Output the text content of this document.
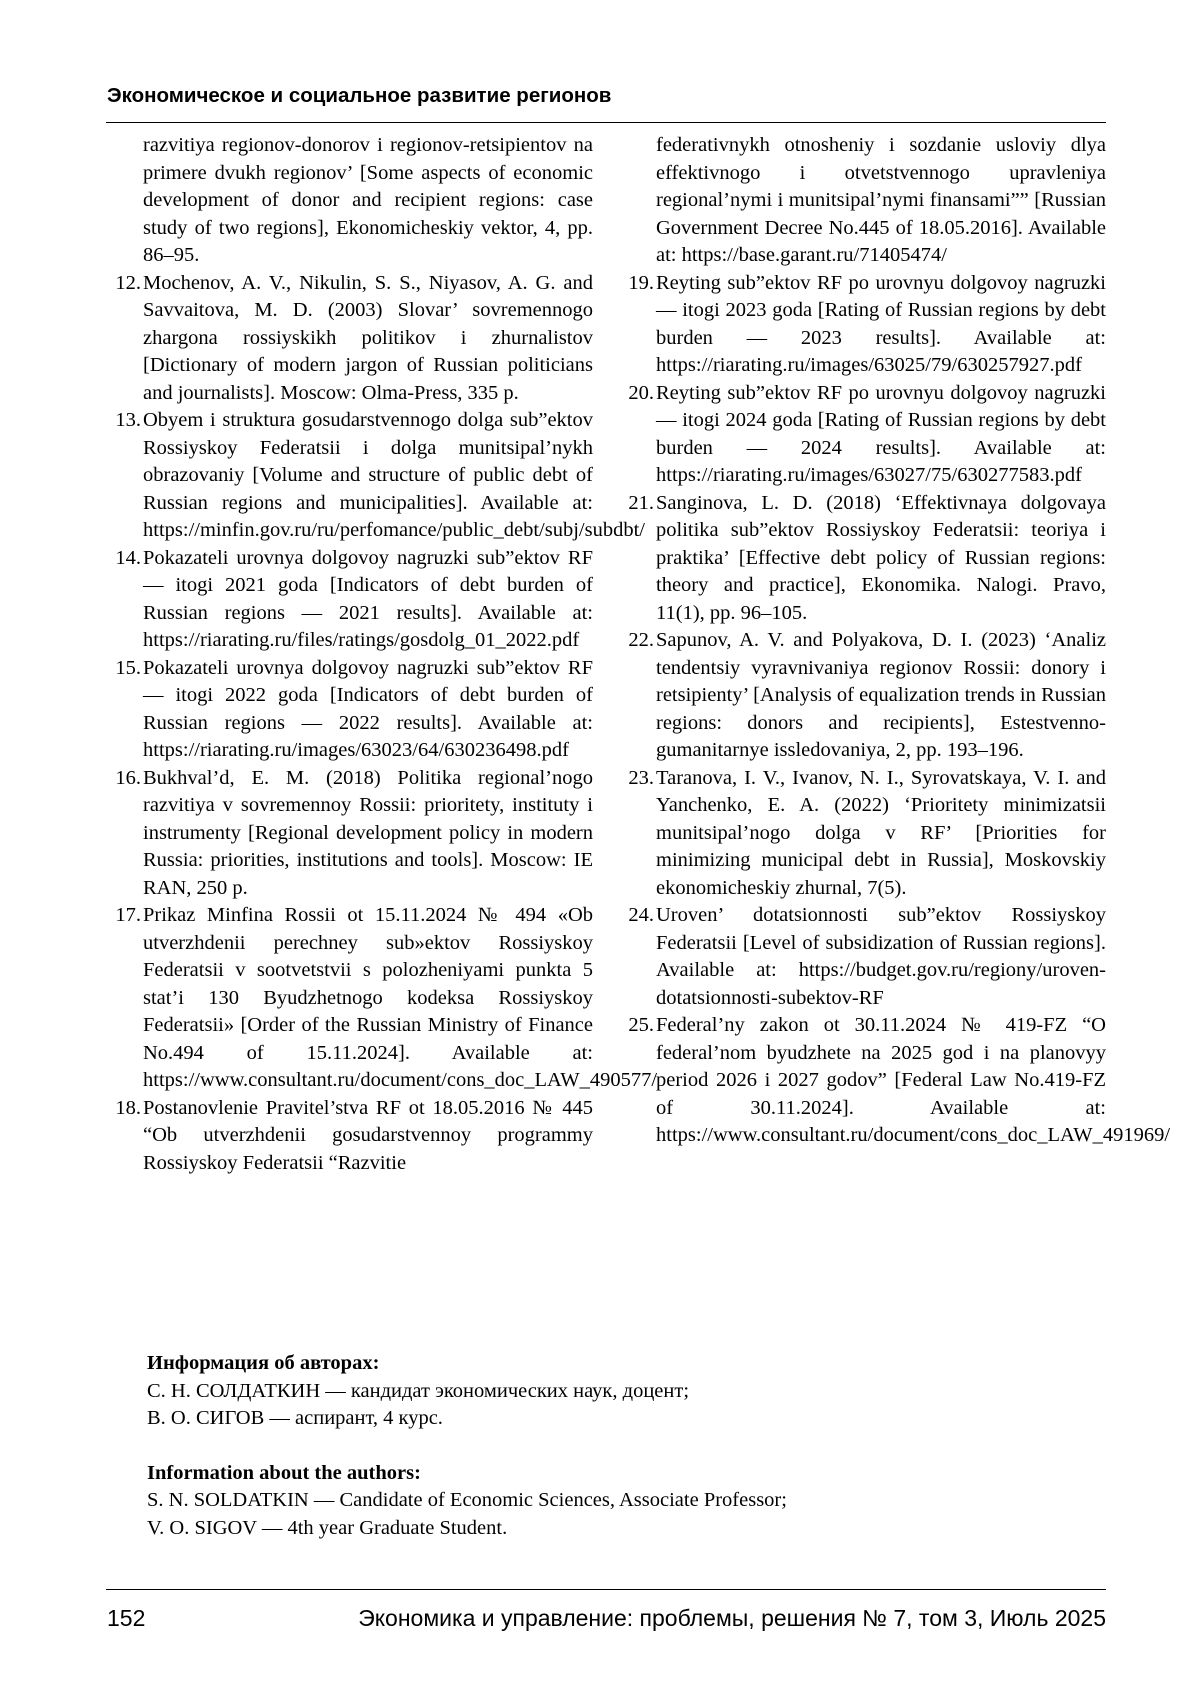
Экономическое и социальное развитие регионов
razvitiya regionov-donorov i regionov-retsipientov na primere dvukh regionov’ [Some aspects of economic development of donor and recipient regions: case study of two regions], Ekonomicheskiy vektor, 4, pp. 86–95.
12. Mochenov, A. V., Nikulin, S. S., Niyasov, A. G. and Savvaitova, M. D. (2003) Slovar’ sovremennogo zhargona rossiyskikh politikov i zhurnalistov [Dictionary of modern jargon of Russian politicians and journalists]. Moscow: Olma-Press, 335 p.
13. Obyem i struktura gosudarstvennogo dolga sub”ektov Rossiyskoy Federatsii i dolga munitsipal’nykh obrazovaniy [Volume and structure of public debt of Russian regions and municipalities]. Available at: https://minfin.gov.ru/ru/perfomance/public_debt/subj/subdbt/
14. Pokazateli urovnya dolgovoy nagruzki sub”ektov RF — itogi 2021 goda [Indicators of debt burden of Russian regions — 2021 results]. Available at: https://riarating.ru/files/ratings/gosdolg_01_2022.pdf
15. Pokazateli urovnya dolgovoy nagruzki sub”ektov RF — itogi 2022 goda [Indicators of debt burden of Russian regions — 2022 results]. Available at: https://riarating.ru/images/63023/64/630236498.pdf
16. Bukhval’d, E. M. (2018) Politika regional’nogo razvitiya v sovremennoy Rossii: prioritety, instituty i instrumenty [Regional development policy in modern Russia: priorities, institutions and tools]. Moscow: IE RAN, 250 p.
17. Prikaz Minfina Rossii ot 15.11.2024 № 494 «Ob utverzhdenii perechney sub»ektov Rossiyskoy Federatsii v sootvetstvii s polozheniyami punkta 5 stat’i 130 Byudzhetnogo kodeksa Rossiyskoy Federatsii» [Order of the Russian Ministry of Finance No.494 of 15.11.2024]. Available at: https://www.consultant.ru/document/cons_doc_LAW_490577/
18. Postanovlenie Pravitel’stva RF ot 18.05.2016 № 445 “Ob utverzhdenii gosudarstvennoy programmy Rossiyskoy Federatsii “Razvitie
federativnykh otnosheniy i sozdanie usloviy dlya effektivnogo i otvetstvennogo upravleniya regional’nymi i munitsipal’nymi finansami”” [Russian Government Decree No.445 of 18.05.2016]. Available at: https://base.garant.ru/71405474/
19. Reyting sub”ektov RF po urovnyu dolgovoy nagruzki — itogi 2023 goda [Rating of Russian regions by debt burden — 2023 results]. Available at: https://riarating.ru/images/63025/79/630257927.pdf
20. Reyting sub”ektov RF po urovnyu dolgovoy nagruzki — itogi 2024 goda [Rating of Russian regions by debt burden — 2024 results]. Available at: https://riarating.ru/images/63027/75/630277583.pdf
21. Sanginova, L. D. (2018) ‘Effektivnaya dolgovaya politika sub”ektov Rossiyskoy Federatsii: teoriya i praktika’ [Effective debt policy of Russian regions: theory and practice], Ekonomika. Nalogi. Pravo, 11(1), pp. 96–105.
22. Sapunov, A. V. and Polyakova, D. I. (2023) ‘Analiz tendentsiy vyravnivaniya regionov Rossii: donory i retsipienty’ [Analysis of equalization trends in Russian regions: donors and recipients], Estestvenno-gumanitarnye issledovaniya, 2, pp. 193–196.
23. Taranova, I. V., Ivanov, N. I., Syrovatskaya, V. I. and Yanchenko, E. A. (2022) ‘Prioritety minimizatsii munitsipal’nogo dolga v RF’ [Priorities for minimizing municipal debt in Russia], Moskovskiy ekonomicheskiy zhurnal, 7(5).
24. Uroven’ dotatsionnosti sub”ektov Rossiyskoy Federatsii [Level of subsidization of Russian regions]. Available at: https://budget.gov.ru/regiony/uroven-dotatsionnosti-subektov-RF
25. Federal’ny zakon ot 30.11.2024 № 419-FZ “O federal’nom byudzhete na 2025 god i na planovyy period 2026 i 2027 godov” [Federal Law No.419-FZ of 30.11.2024]. Available at: https://www.consultant.ru/document/cons_doc_LAW_491969/
Информация об авторах:
С. Н. СОЛДАТКИН — кандидат экономических наук, доцент;
В. О. СИГОВ — аспирант, 4 курс.
Information about the authors:
S. N. SOLDATKIN — Candidate of Economic Sciences, Associate Professor;
V. O. SIGOV — 4th year Graduate Student.
152	Экономика и управление: проблемы, решения № 7, том 3, Июль 2025
